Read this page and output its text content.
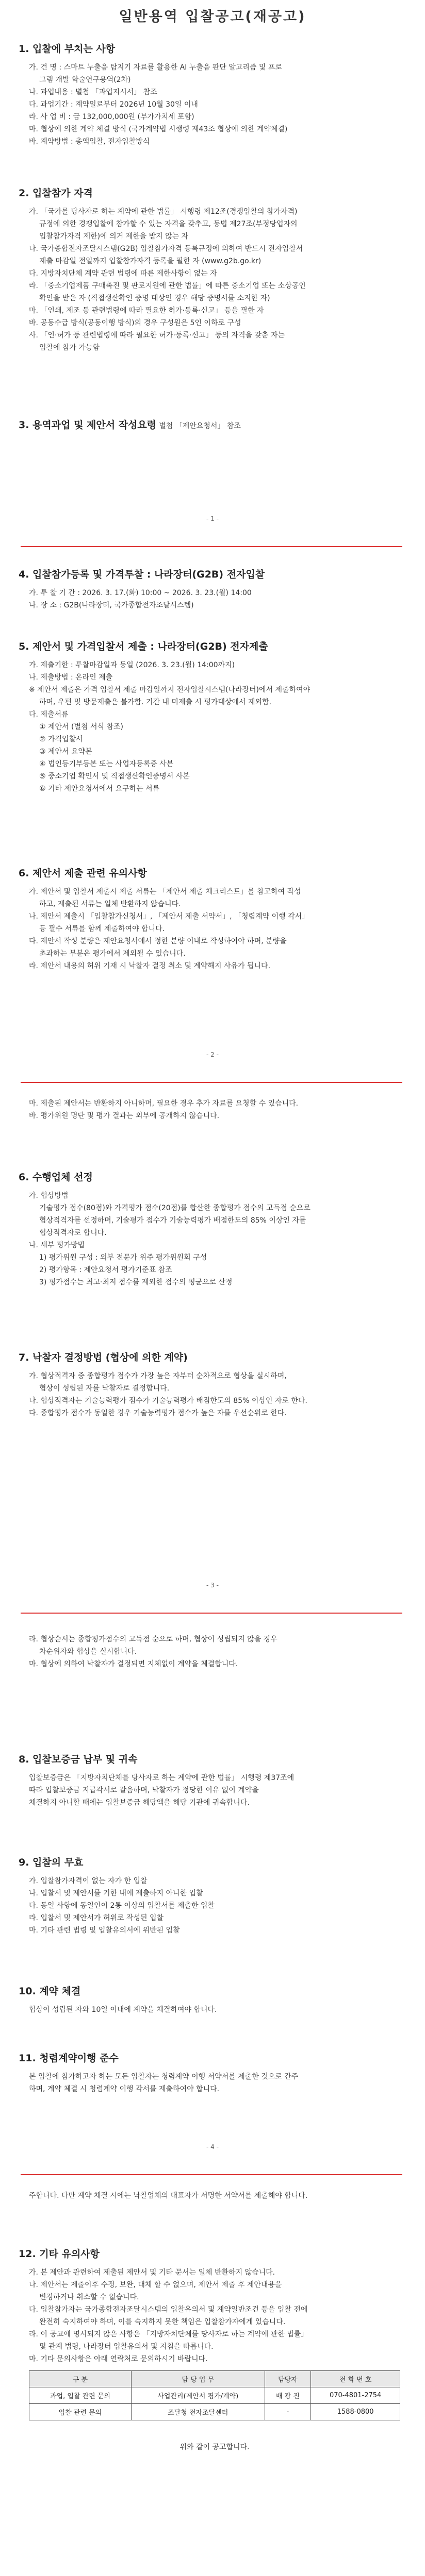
일반용역 입찰공고(재공고)
1. 입찰에 부치는 사항

가. 건 명 : 스마트 누출음 탐지기 자료를 활용한 AI 누출음 판단 알고리즘 및 프로

그램 개발 학술연구용역(2차)

나. 과업내용 : 별첨 「과업지시서」 참조

다. 과업기간 : 계약일로부터 2026년 10월 30일 이내

라. 사 업 비 : 금 132,000,000원 (부가가치세 포함)

마. 협상에 의한 계약 체결 방식 (국가계약법 시행령 제43조 협상에 의한 계약체결)

바. 계약방법 : 총액입찰, 전자입찰방식

2. 입찰참가 자격

가. 「국가를 당사자로 하는 계약에 관한 법률」 시행령 제12조(경쟁입찰의 참가자격)

규정에 의한 경쟁입찰에 참가할 수 있는 자격을 갖추고, 동법 제27조(부정당업자의

입찰참가자격 제한)에 의거 제한을 받지 않는 자

나. 국가종합전자조달시스템(G2B) 입찰참가자격 등록규정에 의하여 반드시 전자입찰서

제출 마감일 전일까지 입찰참가자격 등록을 필한 자 (www.g2b.go.kr)

다. 지방자치단체 계약 관련 법령에 따른 제한사항이 없는 자

라. 「중소기업제품 구매촉진 및 판로지원에 관한 법률」에 따른 중소기업 또는 소상공인

확인을 받은 자 (직접생산확인 증명 대상인 경우 해당 증명서를 소지한 자)

마. 「인쇄, 제조 등 관련법령에 따라 필요한 허가·등록·신고」 등을 필한 자

바. 공동수급 방식(공동이행 방식)의 경우 구성원은 5인 이하로 구성

사. 「인·허가 등 관련법령에 따라 필요한 허가·등록·신고」 등의 자격을 갖춘 자는

입찰에 참가 가능함

3. 용역과업 및 제안서 작성요령 별첨 「제안요청서」 참조
- 1 -
4. 입찰참가등록 및 가격투찰 : 나라장터(G2B) 전자입찰

가. 투 찰 기 간 : 2026. 3. 17.(화) 10:00 ~ 2026. 3. 23.(월) 14:00

나. 장 소 : G2B(나라장터, 국가종합전자조달시스템)

5. 제안서 및 가격입찰서 제출 : 나라장터(G2B) 전자제출

가. 제출기한 : 투찰마감일과 동일 (2026. 3. 23.(월) 14:00까지)

나. 제출방법 : 온라인 제출

※ 제안서 제출은 가격 입찰서 제출 마감일까지 전자입찰시스템(나라장터)에서 제출하여야

하며, 우편 및 방문제출은 불가함. 기간 내 미제출 시 평가대상에서 제외함.

다. 제출서류

① 제안서 (별첨 서식 참조)

② 가격입찰서

③ 제안서 요약본

④ 법인등기부등본 또는 사업자등록증 사본

⑤ 중소기업 확인서 및 직접생산확인증명서 사본

⑥ 기타 제안요청서에서 요구하는 서류

6. 제안서 제출 관련 유의사항

가. 제안서 및 입찰서 제출시 제출 서류는 「제안서 제출 체크리스트」를 참고하여 작성

하고, 제출된 서류는 일체 반환하지 않습니다.

나. 제안서 제출시 「입찰참가신청서」, 「제안서 제출 서약서」, 「청렴계약 이행 각서」

등 필수 서류를 함께 제출하여야 합니다.

다. 제안서 작성 분량은 제안요청서에서 정한 분량 이내로 작성하여야 하며, 분량을

초과하는 부분은 평가에서 제외될 수 있습니다.

라. 제안서 내용의 허위 기재 시 낙찰자 결정 취소 및 계약해지 사유가 됩니다.

- 2 -

마. 제출된 제안서는 반환하지 아니하며, 필요한 경우 추가 자료를 요청할 수 있습니다.

바. 평가위원 명단 및 평가 결과는 외부에 공개하지 않습니다.

6. 수행업체 선정

가. 협상방법

기술평가 점수(80점)와 가격평가 점수(20점)를 합산한 종합평가 점수의 고득점 순으로

협상적격자를 선정하며, 기술평가 점수가 기술능력평가 배점한도의 85% 이상인 자를

협상적격자로 합니다.

나. 세부 평가방법

1) 평가위원 구성 : 외부 전문가 위주 평가위원회 구성

2) 평가항목 : 제안요청서 평가기준표 참조

3) 평가점수는 최고·최저 점수를 제외한 점수의 평균으로 산정

7. 낙찰자 결정방법 (협상에 의한 계약)

가. 협상적격자 중 종합평가 점수가 가장 높은 자부터 순차적으로 협상을 실시하며,

협상이 성립된 자를 낙찰자로 결정합니다.

나. 협상적격자는 기술능력평가 점수가 기술능력평가 배점한도의 85% 이상인 자로 한다.

다. 종합평가 점수가 동일한 경우 기술능력평가 점수가 높은 자를 우선순위로 한다.

- 3 -

라. 협상순서는 종합평가점수의 고득점 순으로 하며, 협상이 성립되지 않을 경우

차순위자와 협상을 실시합니다.

마. 협상에 의하여 낙찰자가 결정되면 지체없이 계약을 체결합니다.

8. 입찰보증금 납부 및 귀속

입찰보증금은 「지방자치단체를 당사자로 하는 계약에 관한 법률」 시행령 제37조에

따라 입찰보증금 지급각서로 갈음하며, 낙찰자가 정당한 이유 없이 계약을

체결하지 아니할 때에는 입찰보증금 해당액을 해당 기관에 귀속합니다.

9. 입찰의 무효

가. 입찰참가자격이 없는 자가 한 입찰

나. 입찰서 및 제안서를 기한 내에 제출하지 아니한 입찰

다. 동일 사항에 동일인이 2통 이상의 입찰서를 제출한 입찰

라. 입찰서 및 제안서가 허위로 작성된 입찰

마. 기타 관련 법령 및 입찰유의서에 위반된 입찰

10. 계약 체결

협상이 성립된 자와 10일 이내에 계약을 체결하여야 합니다.

11. 청렴계약이행 준수

본 입찰에 참가하고자 하는 모든 입찰자는 청렴계약 이행 서약서를 제출한 것으로 간주

하며, 계약 체결 시 청렴계약 이행 각서를 제출하여야 합니다.

- 4 -

주합니다. 다만 계약 체결 시에는 낙찰업체의 대표자가 서명한 서약서를 제출해야 합니다.

12. 기타 유의사항

가. 본 제안과 관련하여 제출된 제안서 및 기타 문서는 일체 반환하지 않습니다.

나. 제안서는 제출이후 수정, 보완, 대체 할 수 없으며, 제안서 제출 후 제안내용을

변경하거나 취소할 수 없습니다.

다. 입찰참가자는 국가종합전자조달시스템의 입찰유의서 및 계약일반조건 등을 입찰 전에

완전히 숙지하여야 하며, 이를 숙지하지 못한 책임은 입찰참가자에게 있습니다.

라. 이 공고에 명시되지 않은 사항은 「지방자치단체를 당사자로 하는 계약에 관한 법률」

및 관계 법령, 나라장터 입찰유의서 및 지침을 따릅니다.

마. 기타 문의사항은 아래 연락처로 문의하시기 바랍니다.

구 분	담 당 업 무	담당자	전 화 번 호
과업, 입찰 관련 문의	사업관리(제안서 평가/계약)	배 광 진	070-4801-2754
입찰 관련 문의	조달청 전자조달센터	-	1588-0800

위와 같이 공고합니다.
